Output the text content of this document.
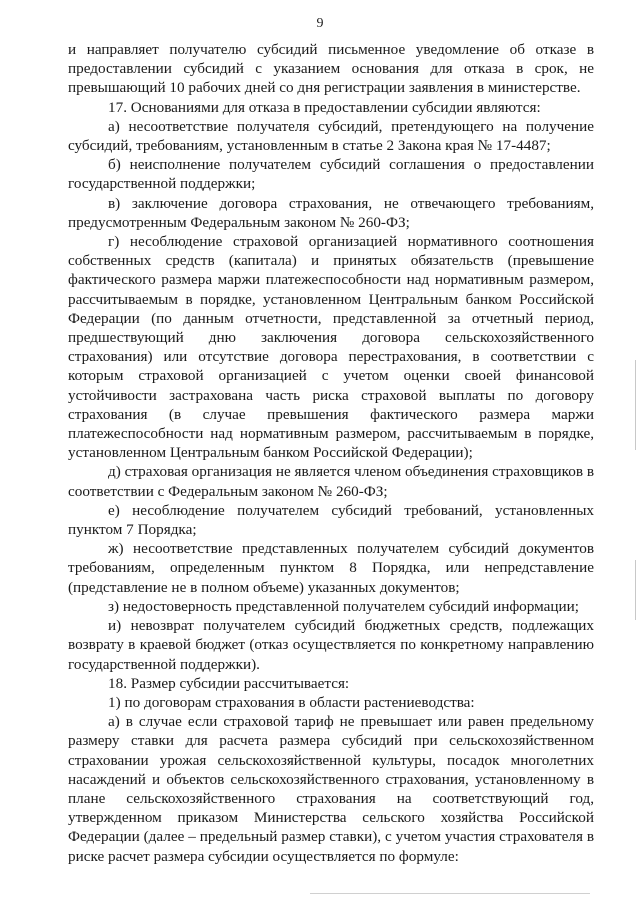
9

и направляет получателю субсидий письменное уведомление об отказе в предоставлении субсидий с указанием основания для отказа в срок, не превышающий 10 рабочих дней со дня регистрации заявления в министерстве.

17. Основаниями для отказа в предоставлении субсидии являются:

а) несоответствие получателя субсидий, претендующего на получение субсидий, требованиям, установленным в статье 2 Закона края № 17-4487;

б) неисполнение получателем субсидий соглашения о предоставлении государственной поддержки;

в) заключение договора страхования, не отвечающего требованиям, предусмотренным Федеральным законом № 260-ФЗ;

г) несоблюдение страховой организацией нормативного соотношения собственных средств (капитала) и принятых обязательств (превышение фактического размера маржи платежеспособности над нормативным размером, рассчитываемым в порядке, установленном Центральным банком Российской Федерации (по данным отчетности, представленной за отчетный период, предшествующий дню заключения договора сельскохозяйственного страхования) или отсутствие договора перестрахования, в соответствии с которым страховой организацией с учетом оценки своей финансовой устойчивости застрахована часть риска страховой выплаты по договору страхования (в случае превышения фактического размера маржи платежеспособности над нормативным размером, рассчитываемым в порядке, установленном Центральным банком Российской Федерации);

д) страховая организация не является членом объединения страховщиков в соответствии с Федеральным законом № 260-ФЗ;

е) несоблюдение получателем субсидий требований, установленных пунктом 7 Порядка;

ж) несоответствие представленных получателем субсидий документов требованиям, определенным пунктом 8 Порядка, или непредставление (представление не в полном объеме) указанных документов;

з) недостоверность представленной получателем субсидий информации;

и) невозврат получателем субсидий бюджетных средств, подлежащих возврату в краевой бюджет (отказ осуществляется по конкретному направлению государственной поддержки).

18. Размер субсидии рассчитывается:

1) по договорам страхования в области растениеводства:

а) в случае если страховой тариф не превышает или равен предельному размеру ставки для расчета размера субсидий при сельскохозяйственном страховании урожая сельскохозяйственной культуры, посадок многолетних насаждений и объектов сельскохозяйственного страхования, установленному в плане сельскохозяйственного страхования на соответствующий год, утвержденном приказом Министерства сельского хозяйства Российской Федерации (далее – предельный размер ставки), с учетом участия страхователя в риске расчет размера субсидии осуществляется по формуле:
